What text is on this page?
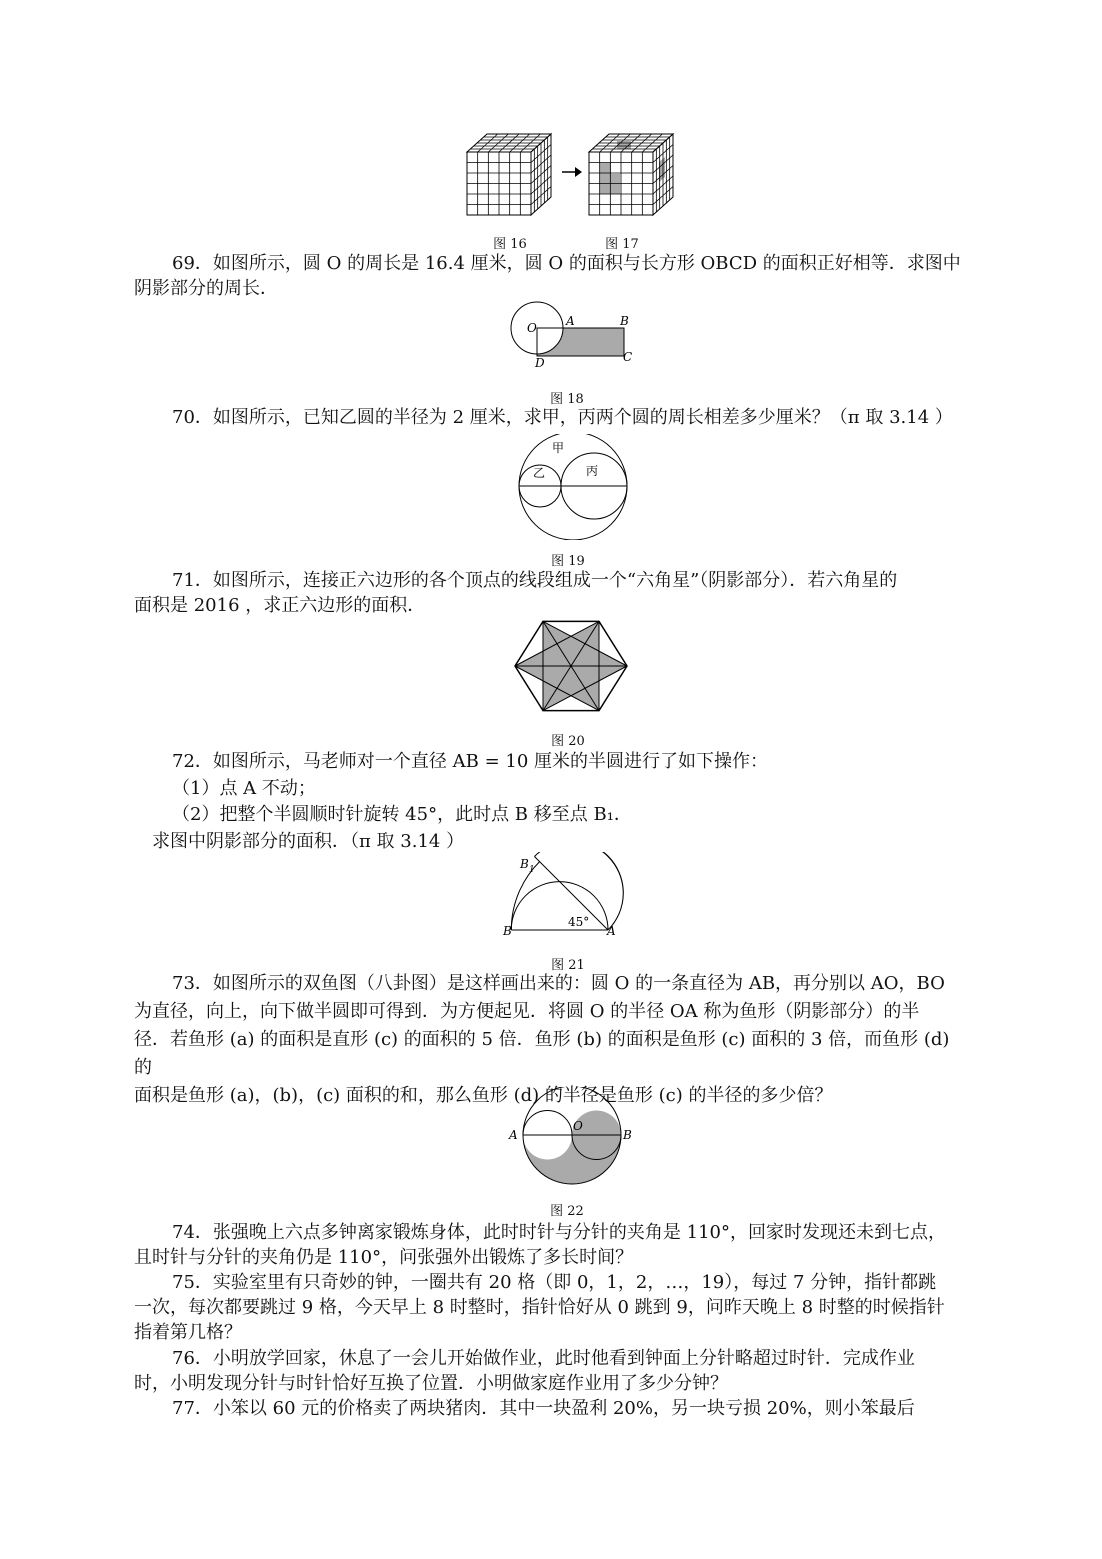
图 16	图 17

69．如图所示，圆 O 的周长是 16.4 厘米，圆 O 的面积与长方形 OBCD 的面积正好相等．求图中

阴影部分的周长．

O A	B
C
D
图 18

70．如图所示，已知乙圆的半径为 2 厘米，求甲，丙两个圆的周长相差多少厘米？（π 取 3.14 ）

甲
乙	丙
图 19

71．如图所示，连接正六边形的各个顶点的线段组成一个“六角星”（阴影部分）．若六角星的

面积是 2016 ，求正六边形的面积．

图 20

72．如图所示，马老师对一个直径 AB = 10 厘米的半圆进行了如下操作：

（1）点 A 不动；
（2）把整个半圆顺时针旋转 45°，此时点 B 移至点 B₁．
求图中阴影部分的面积．（π 取 3.14 ）
$B_1$
B	A
45°
图 21

73．如图所示的双鱼图（八卦图）是这样画出来的：圆 O 的一条直径为 AB，再分别以 AO，BO

为直径，向上，向下做半圆即可得到．为方便起见．将圆 O 的半径 OA 称为鱼形（阴影部分）的半

径．若鱼形 (a) 的面积是直形 (c) 的面积的 5 倍．鱼形 (b) 的面积是鱼形 (c) 面积的 3 倍，而鱼形 (d) 的

面积是鱼形 (a)，(b)，(c) 面积的和，那么鱼形 (d) 的半径是鱼形 (c) 的半径的多少倍？

A
O
B
图 22

74．张强晚上六点多钟离家锻炼身体，此时时针与分针的夹角是 110°，回家时发现还未到七点，

且时针与分针的夹角仍是 110°，问张强外出锻炼了多长时间？

75．实验室里有只奇妙的钟，一圈共有 20 格（即 0，1，2，…，19），每过 7 分钟，指针都跳

一次，每次都要跳过 9 格，今天早上 8 时整时，指针恰好从 0 跳到 9，问昨天晚上 8 时整的时候指针

指着第几格？

76．小明放学回家，休息了一会儿开始做作业，此时他看到钟面上分针略超过时针．完成作业

时，小明发现分针与时针恰好互换了位置．小明做家庭作业用了多少分钟？

77．小笨以 60 元的价格卖了两块猪肉．其中一块盈利 20%，另一块亏损 20%，则小笨最后
